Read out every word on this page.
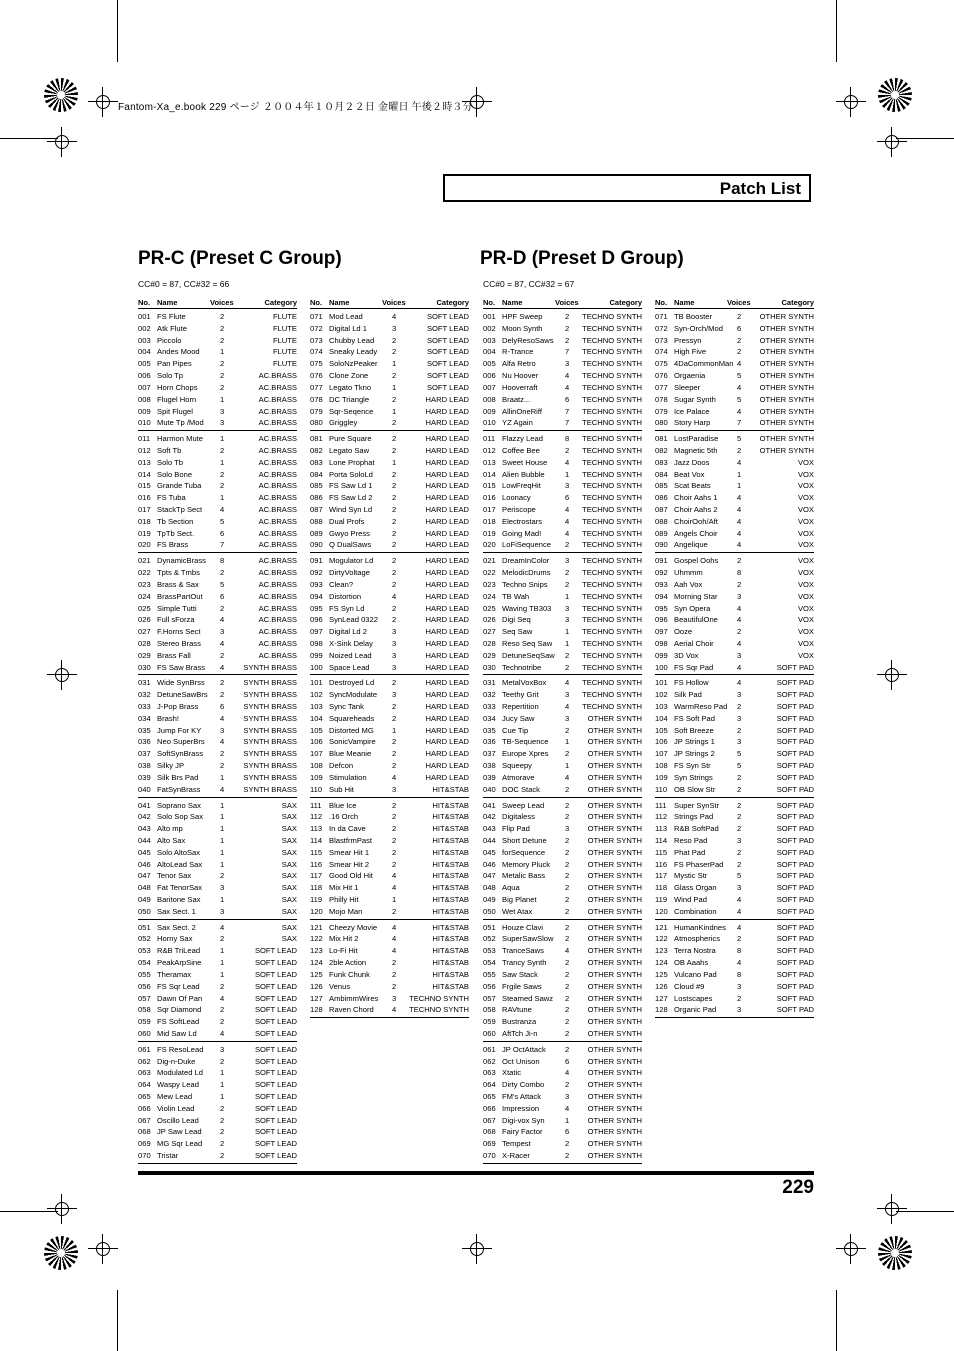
Fantom-Xa_e.book 229 ページ ２００４年１０月２２日 金曜日 午後２時３分
Patch List
PR-C (Preset C Group)
CC#0 = 87, CC#32 = 66
PR-D (Preset D Group)
CC#0 = 87, CC#32 = 67
No. Name	Voices	Category
001 FS Flute	2	FLUTE
002 Atk Flute	2	FLUTE
003 Piccolo	2	FLUTE
004 Andes Mood	1	FLUTE
005 Pan Pipes	2	FLUTE
006 Solo Tp	2	AC.BRASS
007 Horn Chops	2	AC.BRASS
008 Flugel Horn	1	AC.BRASS
009 Spit Flugel	3	AC.BRASS
010 Mute Tp /Mod 3	AC.BRASS
011 Harmon Mute 1	AC.BRASS
012 Soft Tb	2	AC.BRASS
013 Solo Tb	1	AC.BRASS
014 Solo Bone	2	AC.BRASS
015 Grande Tuba 2	AC.BRASS
016 FS Tuba	1	AC.BRASS
017 StackTp Sect 4	AC.BRASS
018 Tb Section	5	AC.BRASS
019 TpTb Sect.	6	AC.BRASS
020 FS Brass	7	AC.BRASS
021 DynamicBrass 8	AC.BRASS
022 Tpts & Tmbs	2	AC.BRASS
023 Brass & Sax	5	AC.BRASS
024 BrassPartOut 6	AC.BRASS
025 Simple Tutti	2	AC.BRASS
026 Full sForza	4	AC.BRASS
027 F.Horns Sect	3	AC.BRASS
028 Stereo Brass	4	AC.BRASS
029 Brass Fall	2	AC.BRASS
030 FS Saw Brass 4	SYNTH BRASS
031 Wide SynBrss 2	SYNTH BRASS
032 DetuneSawBrs 2	SYNTH BRASS
033 J-Pop Brass	6	SYNTH BRASS
034 Brash!	4	SYNTH BRASS
035 Jump For KY 3	SYNTH BRASS
036 Neo SuperBrs 4	SYNTH BRASS
037 SoftSynBrass 2	SYNTH BRASS
038 Silky JP	2	SYNTH BRASS
039 Silk Brs Pad	1	SYNTH BRASS
040 FatSynBrass	4	SYNTH BRASS
041 Soprano Sax	1	SAX
042 Solo Sop Sax 1	SAX
043 Alto mp	1	SAX
044 Alto Sax	1	SAX
045 Solo AltoSax	1	SAX
046 AltoLead Sax 1	SAX
047 Tenor Sax	2	SAX
048 Fat TenorSax 3	SAX
049 Baritone Sax	1	SAX
050 Sax Sect. 1	3	SAX
051 Sax Sect. 2	4	SAX
052 Horny Sax	2	SAX
053 R&B TriLead	1	SOFT LEAD
054 PeakArpSine 1	SOFT LEAD
055 Theramax	1	SOFT LEAD
056 FS Sqr Lead	2	SOFT LEAD
057 Dawn Of Pan 4	SOFT LEAD
058 Sqr Diamond 2	SOFT LEAD
059 FS SoftLead	2	SOFT LEAD
060 Mid Saw Ld	4	SOFT LEAD
061 FS ResoLead 3	SOFT LEAD
062 Dig-n-Duke	2	SOFT LEAD
063 Modulated Ld 1	SOFT LEAD
064 Waspy Lead	1	SOFT LEAD
065 Mew Lead	1	SOFT LEAD
066 Violin Lead	2	SOFT LEAD
067 Oscillo Lead	2	SOFT LEAD
068 JP Saw Lead 2	SOFT LEAD
069 MG Sqr Lead 2	SOFT LEAD
070 Tristar	2	SOFT LEAD
No. Name	Voices	Category
071 Mod Lead	4	SOFT LEAD
072 Digital Ld 1	3	SOFT LEAD
073 Chubby Lead 2	SOFT LEAD
074 Sneaky Leady 2	SOFT LEAD
075 SoloNzPeaker 1	SOFT LEAD
076 Clone Zone	2	SOFT LEAD
077 Legato Tkno	1	SOFT LEAD
078 DC Triangle	2	HARD LEAD
079 Sqr-Seqence 1	HARD LEAD
080 Griggley	2	HARD LEAD
081 Pure Square	2	HARD LEAD
082 Legato Saw	2	HARD LEAD
083 Lone Prophat 1	HARD LEAD
084 Porta SoloLd	2	HARD LEAD
085 FS Saw Ld 1	2	HARD LEAD
086 FS Saw Ld 2	2	HARD LEAD
087 Wind Syn Ld	2	HARD LEAD
088 Dual Profs	2	HARD LEAD
089 Gwyo Press	2	HARD LEAD
090 Q DualSaws	2	HARD LEAD
091 Mogulator Ld 2	HARD LEAD
092 DirtyVoltage	2	HARD LEAD
093 Clean?	2	HARD LEAD
094 Distortion	4	HARD LEAD
095 FS Syn Ld	2	HARD LEAD
096 SynLead 0322 2	HARD LEAD
097 Digital Ld 2	3	HARD LEAD
098 X-Sink Delay	3	HARD LEAD
099 Noized Lead	3	HARD LEAD
100 Space Lead	3	HARD LEAD
101 Destroyed Ld 2	HARD LEAD
102 SyncModulate 3	HARD LEAD
103 Sync Tank	2	HARD LEAD
104 Squareheads 2	HARD LEAD
105 Distorted MG 1	HARD LEAD
106 SonicVampire 2	HARD LEAD
107 Blue Meanie	2	HARD LEAD
108 Defcon	2	HARD LEAD
109 Stimulation	4	HARD LEAD
110 Sub Hit	3	HIT&STAB
111 Blue Ice	2	HIT&STAB
112 .16 Orch	2	HIT&STAB
113 In da Cave	2	HIT&STAB
114 BlastfrmPast	2	HIT&STAB
115 Smear Hit 1	2	HIT&STAB
116 Smear Hit 2	2	HIT&STAB
117 Good Old Hit	4	HIT&STAB
118 Mix Hit 1	4	HIT&STAB
119 Philly Hit	1	HIT&STAB
120 Mojo Man	2	HIT&STAB
121 Cheezy Movie 4	HIT&STAB
122 Mix Hit 2	4	HIT&STAB
123 Lo-Fi Hit	4	HIT&STAB
124 2ble Action	2	HIT&STAB
125 Funk Chunk	2	HIT&STAB
126 Venus	2	HIT&STAB
127 AmbimmWires 3 TECHNO SYNTH
128 Raven Chord 4 TECHNO SYNTH
No. Name	Voices	Category
001 HPF Sweep	2 TECHNO SYNTH
002 Moon Synth	2 TECHNO SYNTH
003 DelyResoSaws 2 TECHNO SYNTH
004 R-Trance	7 TECHNO SYNTH
005 Alfa Retro	3 TECHNO SYNTH
006 Nu Hoover	4 TECHNO SYNTH
007 Hooverraft	4 TECHNO SYNTH
008 Braatz...	6 TECHNO SYNTH
009 AllinOneRiff	7 TECHNO SYNTH
010 YZ Again	7 TECHNO SYNTH
011 Flazzy Lead	8 TECHNO SYNTH
012 Coffee Bee	2 TECHNO SYNTH
013 Sweet House 4 TECHNO SYNTH
014 Alien Bubble	1 TECHNO SYNTH
015 LowFreqHit	3 TECHNO SYNTH
016 Loonacy	6 TECHNO SYNTH
017 Periscope	4 TECHNO SYNTH
018 Electrostars	4 TECHNO SYNTH
019 Going Mad!	4 TECHNO SYNTH
020 LoFiSequence 2 TECHNO SYNTH
021 DreamInColor 3 TECHNO SYNTH
022 MelodicDrums 2 TECHNO SYNTH
023 Techno Snips 2 TECHNO SYNTH
024 TB Wah	1 TECHNO SYNTH
025 Waving TB303 3 TECHNO SYNTH
026 Digi Seq	3 TECHNO SYNTH
027 Seq Saw	1 TECHNO SYNTH
028 Reso Seq Saw 1 TECHNO SYNTH
029 DetuneSeqSaw 2 TECHNO SYNTH
030 Technotribe	2 TECHNO SYNTH
031 MetalVoxBox 4 TECHNO SYNTH
032 Teethy Grit	3 TECHNO SYNTH
033 Repertition	4 TECHNO SYNTH
034 Jucy Saw	3 OTHER SYNTH
035 Cue Tip	2 OTHER SYNTH
036 TB-Sequence 1 OTHER SYNTH
037 Europe Xpres 2 OTHER SYNTH
038 Squeepy	1 OTHER SYNTH
039 Atmorave	4 OTHER SYNTH
040 DOC Stack	2 OTHER SYNTH
041 Sweep Lead	2 OTHER SYNTH
042 Digitaless	2 OTHER SYNTH
043 Flip Pad	3 OTHER SYNTH
044 Short Detune 2 OTHER SYNTH
045 forSequence	2 OTHER SYNTH
046 Memory Pluck 2 OTHER SYNTH
047 Metalic Bass	2 OTHER SYNTH
048 Aqua	2 OTHER SYNTH
049 Big Planet	2 OTHER SYNTH
050 Wet Atax	2 OTHER SYNTH
051 Houze Clavi	2 OTHER SYNTH
052 SuperSawSlow 2 OTHER SYNTH
053 TranceSaws	4 OTHER SYNTH
054 Trancy Synth 2 OTHER SYNTH
055 Saw Stack	2 OTHER SYNTH
056 Frgile Saws	2 OTHER SYNTH
057 Steamed Sawz 2 OTHER SYNTH
058 RAVtune	2 OTHER SYNTH
059 Bustranza	2 OTHER SYNTH
060 AftTch Ji-n	2 OTHER SYNTH
061 JP OctAttack	2 OTHER SYNTH
062 Oct Unison	6 OTHER SYNTH
063 Xtatic	4 OTHER SYNTH
064 Dirty Combo	2 OTHER SYNTH
065 FM's Attack	3 OTHER SYNTH
066 Impression	4 OTHER SYNTH
067 Digi-vox Syn	1 OTHER SYNTH
068 Fairy Factor	6 OTHER SYNTH
069 Tempest	2 OTHER SYNTH
070 X-Racer	2 OTHER SYNTH
No. Name	Voices	Category
071 TB Booster	2 OTHER SYNTH
072 Syn-Orch/Mod 6 OTHER SYNTH
073 Pressyn	2 OTHER SYNTH
074 High Five	2 OTHER SYNTH
075 4DaCommonMan 4 OTHER SYNTH
076 Orgaenia	5 OTHER SYNTH
077 Sleeper	4 OTHER SYNTH
078 Sugar Synth	5 OTHER SYNTH
079 Ice Palace	4 OTHER SYNTH
080 Story Harp	7 OTHER SYNTH
081 LostParadise 5 OTHER SYNTH
082 Magnetic 5th	2 OTHER SYNTH
083 Jazz Doos	4	VOX
084 Beat Vox	1	VOX
085 Scat Beats	1	VOX
086 Choir Aahs 1	4	VOX
087 Choir Aahs 2	4	VOX
088 ChoirOoh/Aft	4	VOX
089 Angels Choir	4	VOX
090 Angelique	4	VOX
091 Gospel Oohs 2	VOX
092 Uhmmm	8	VOX
093 Aah Vox	2	VOX
094 Morning Star	3	VOX
095 Syn Opera	4	VOX
096 BeautifulOne	4	VOX
097 Ooze	2	VOX
098 Aerial Choir	4	VOX
099 3D Vox	3	VOX
100 FS Sqr Pad	4	SOFT PAD
101 FS Hollow	4	SOFT PAD
102 Silk Pad	3	SOFT PAD
103 WarmReso Pad 2	SOFT PAD
104 FS Soft Pad	3	SOFT PAD
105 Soft Breeze	2	SOFT PAD
106 JP Strings 1	3	SOFT PAD
107 JP Strings 2	5	SOFT PAD
108 FS Syn Str	5	SOFT PAD
109 Syn Strings	2	SOFT PAD
110 OB Slow Str	2	SOFT PAD
111 Super SynStr 2	SOFT PAD
112 Strings Pad	2	SOFT PAD
113 R&B SoftPad 2	SOFT PAD
114 Reso Pad	3	SOFT PAD
115 Phat Pad	2	SOFT PAD
116 FS PhaserPad 2	SOFT PAD
117 Mystic Str	5	SOFT PAD
118 Glass Organ	3	SOFT PAD
119 Wind Pad	4	SOFT PAD
120 Combination	4	SOFT PAD
121 HumanKindnes 4	SOFT PAD
122 Atmospherics 2	SOFT PAD
123 Terra Nostra	8	SOFT PAD
124 OB Aaahs	4	SOFT PAD
125 Vulcano Pad	8	SOFT PAD
126 Cloud #9	3	SOFT PAD
127 Lostscapes	2	SOFT PAD
128 Organic Pad	3	SOFT PAD
229
